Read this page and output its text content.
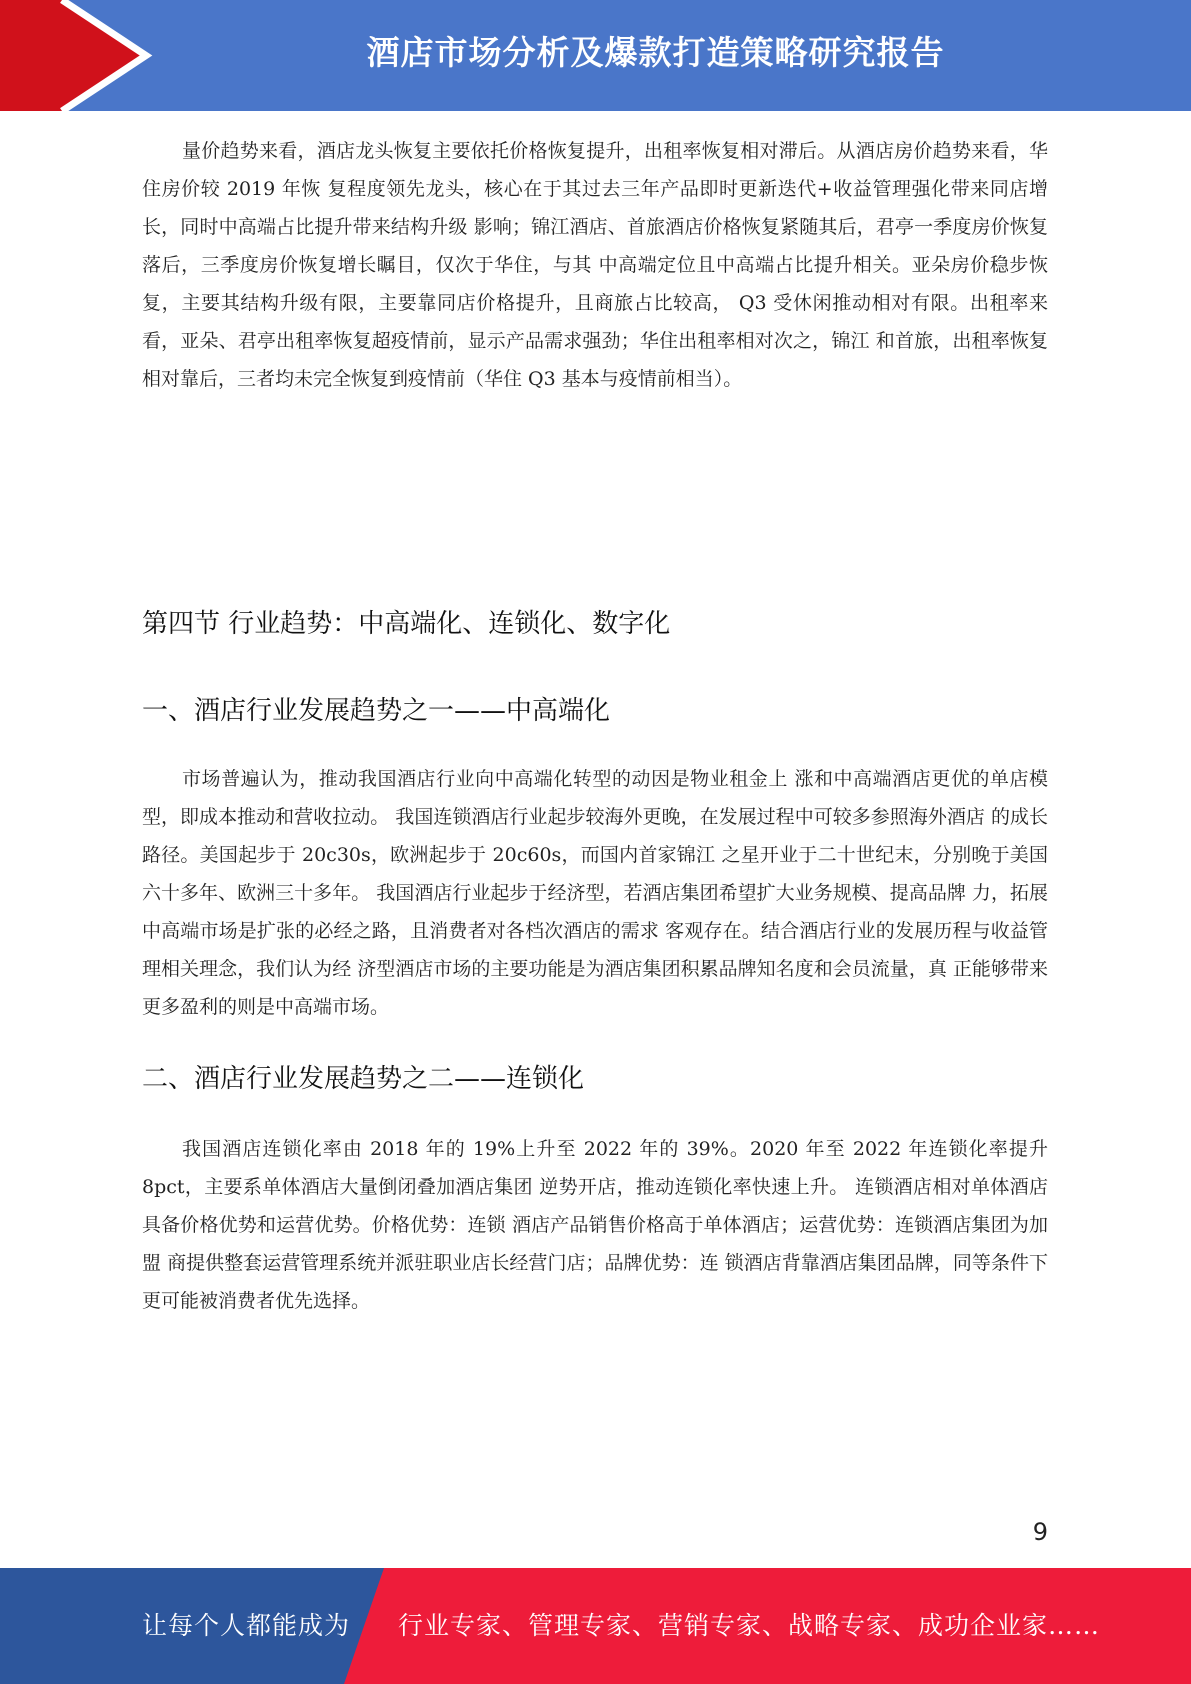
酒店市场分析及爆款打造策略研究报告

量价趋势来看，酒店龙头恢复主要依托价格恢复提升，出租率恢复相对滞后。从酒店房价趋势来看，华住房价较 2019 年恢 复程度领先龙头，核心在于其过去三年产品即时更新迭代+收益管理强化带来同店增长，同时中高端占比提升带来结构升级 影响；锦江酒店、首旅酒店价格恢复紧随其后，君亭一季度房价恢复落后，三季度房价恢复增长瞩目，仅次于华住，与其 中高端定位且中高端占比提升相关。亚朵房价稳步恢复，主要其结构升级有限，主要靠同店价格提升，且商旅占比较高， Q3 受休闲推动相对有限。出租率来看，亚朵、君亭出租率恢复超疫情前，显示产品需求强劲；华住出租率相对次之，锦江 和首旅，出租率恢复相对靠后，三者均未完全恢复到疫情前（华住 Q3 基本与疫情前相当）。

第四节 行业趋势：中高端化、连锁化、数字化
一、酒店行业发展趋势之一——中高端化

市场普遍认为，推动我国酒店行业向中高端化转型的动因是物业租金上 涨和中高端酒店更优的单店模型，即成本推动和营收拉动。 我国连锁酒店行业起步较海外更晚，在发展过程中可较多参照海外酒店 的成长路径。美国起步于 20c30s，欧洲起步于 20c60s，而国内首家锦江 之星开业于二十世纪末，分别晚于美国六十多年、欧洲三十多年。 我国酒店行业起步于经济型，若酒店集团希望扩大业务规模、提高品牌 力，拓展中高端市场是扩张的必经之路，且消费者对各档次酒店的需求 客观存在。结合酒店行业的发展历程与收益管理相关理念，我们认为经 济型酒店市场的主要功能是为酒店集团积累品牌知名度和会员流量，真 正能够带来更多盈利的则是中高端市场。

二、酒店行业发展趋势之二——连锁化

我国酒店连锁化率由 2018 年的 19%上升至 2022 年的 39%。2020 年至 2022 年连锁化率提升 8pct，主要系单体酒店大量倒闭叠加酒店集团 逆势开店，推动连锁化率快速上升。 连锁酒店相对单体酒店具备价格优势和运营优势。价格优势：连锁 酒店产品销售价格高于单体酒店；运营优势：连锁酒店集团为加盟 商提供整套运营管理系统并派驻职业店长经营门店；品牌优势：连 锁酒店背靠酒店集团品牌，同等条件下更可能被消费者优先选择。

9
让每个人都能成为 行业专家、管理专家、营销专家、战略专家、成功企业家……
